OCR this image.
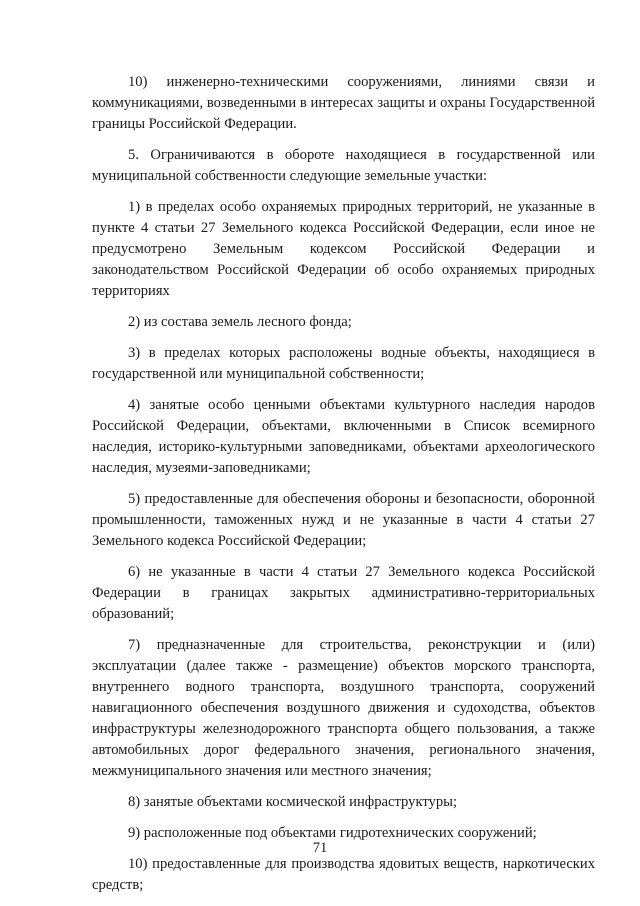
10) инженерно-техническими сооружениями, линиями связи и коммуникациями, возведенными в интересах защиты и охраны Государственной границы Российской Федерации.

5. Ограничиваются в обороте находящиеся в государственной или муниципальной собственности следующие земельные участки:

1) в пределах особо охраняемых природных территорий, не указанные в пункте 4 статьи 27 Земельного кодекса Российской Федерации, если иное не предусмотрено Земельным кодексом Российской Федерации и законодательством Российской Федерации об особо охраняемых природных территориях

2) из состава земель лесного фонда;

3) в пределах которых расположены водные объекты, находящиеся в государственной или муниципальной собственности;

4) занятые особо ценными объектами культурного наследия народов Российской Федерации, объектами, включенными в Список всемирного наследия, историко-культурными заповедниками, объектами археологического наследия, музеями-заповедниками;

5) предоставленные для обеспечения обороны и безопасности, оборонной промышленности, таможенных нужд и не указанные в части 4 статьи 27 Земельного кодекса Российской Федерации;

6) не указанные в части 4 статьи 27 Земельного кодекса Российской Федерации в границах закрытых административно-территориальных образований;

7) предназначенные для строительства, реконструкции и (или) эксплуатации (далее также - размещение) объектов морского транспорта, внутреннего водного транспорта, воздушного транспорта, сооружений навигационного обеспечения воздушного движения и судоходства, объектов инфраструктуры железнодорожного транспорта общего пользования, а также автомобильных дорог федерального значения, регионального значения, межмуниципального значения или местного значения;

8) занятые объектами космической инфраструктуры;

9) расположенные под объектами гидротехнических сооружений;

10) предоставленные для производства ядовитых веществ, наркотических средств;

71
